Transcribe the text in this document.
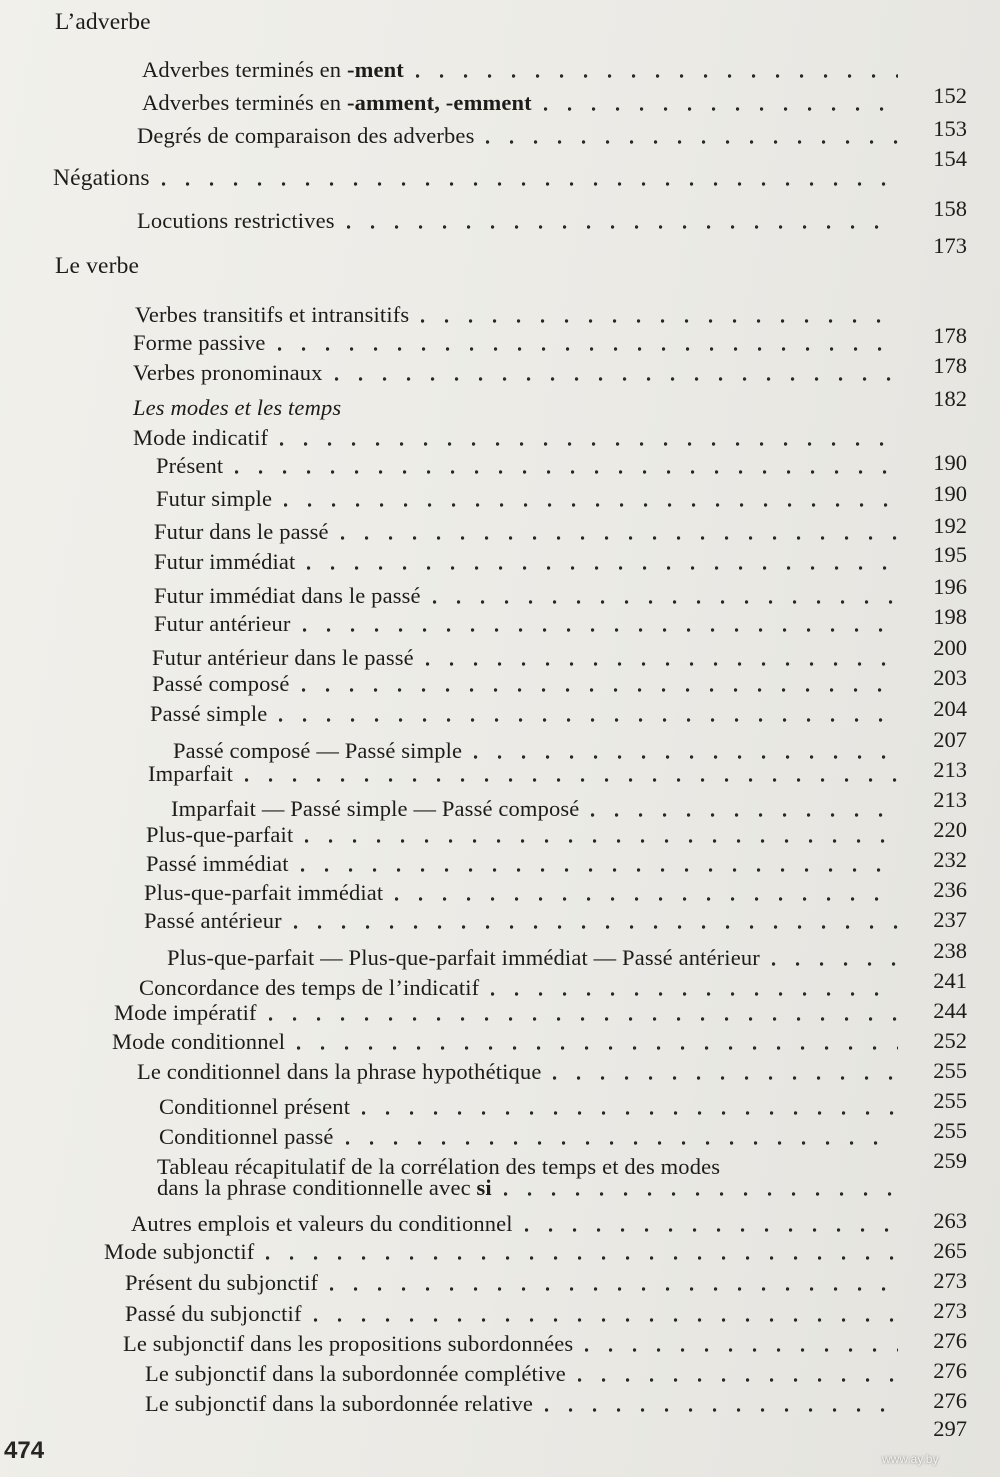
L’adverbe
Adverbes terminés en -ment
152
Adverbes terminés en -amment, -emment
153
Degrés de comparaison des adverbes
154
Négations
158
Locutions restrictives
173
Le verbe
Verbes transitifs et intransitifs
178
Forme passive
178
Verbes pronominaux
182
Les modes et les temps
Mode indicatif
190
Présent
190
Futur simple
192
Futur dans le passé
195
Futur immédiat
196
Futur immédiat dans le passé
198
Futur antérieur
200
Futur antérieur dans le passé
203
Passé composé
204
Passé simple
207
Passé composé — Passé simple
213
Imparfait
213
Imparfait — Passé simple — Passé composé
220
Plus-que-parfait
232
Passé immédiat
236
Plus-que-parfait immédiat
237
Passé antérieur
238
Plus-que-parfait — Plus-que-parfait immédiat — Passé antérieur
241
Concordance des temps de l’indicatif
244
Mode impératif
252
Mode conditionnel
255
Le conditionnel dans la phrase hypothétique
255
Conditionnel présent
255
Conditionnel passé
259
Tableau récapitulatif de la corrélation des temps et des modes
dans la phrase conditionnelle avec si
263
Autres emplois et valeurs du conditionnel
265
Mode subjonctif
273
Présent du subjonctif
273
Passé du subjonctif
276
Le subjonctif dans les propositions subordonnées
276
Le subjonctif dans la subordonnée complétive
276
Le subjonctif dans la subordonnée relative
297
474	www.ay.by
